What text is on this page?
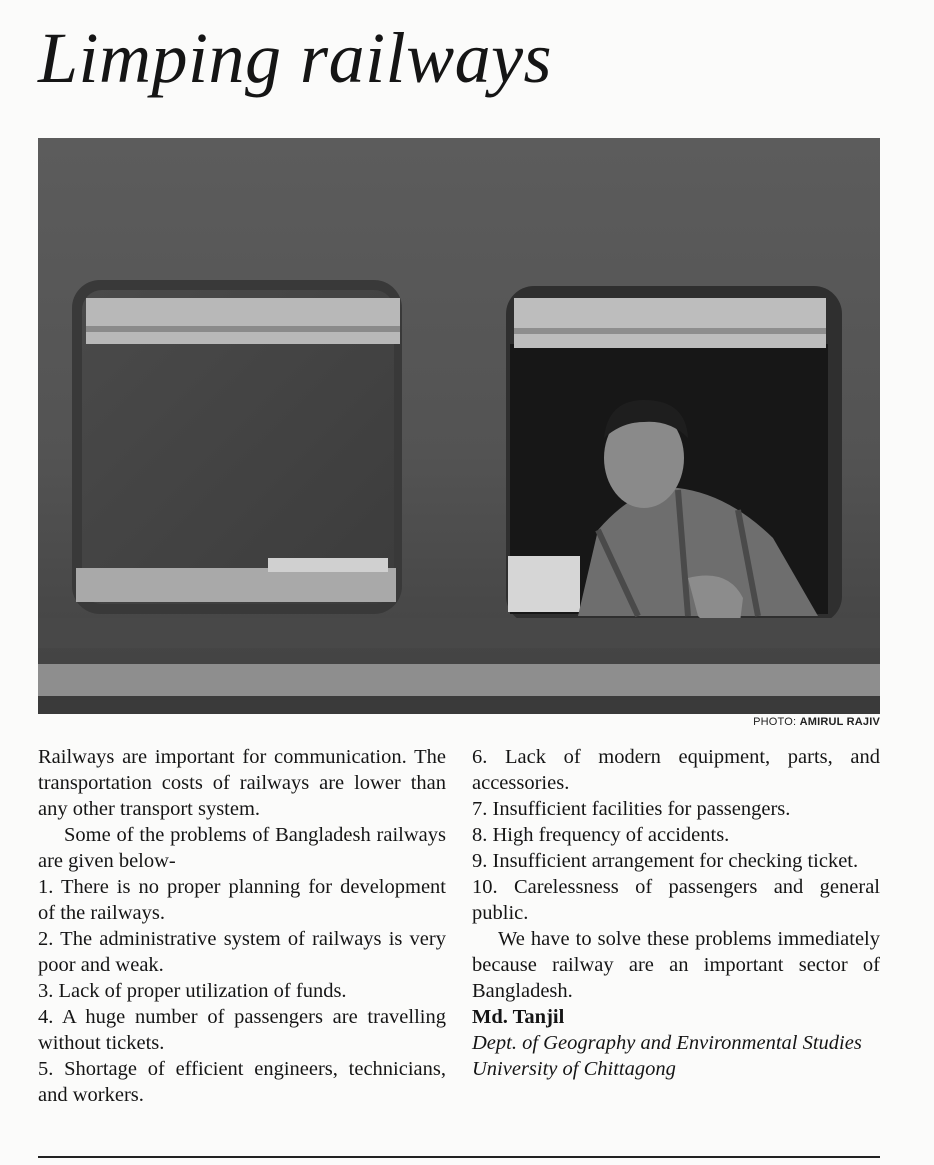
Limping railways
PHOTO: AMIRUL RAJIV

Railways are important for communication. The transportation costs of railways are lower than any other transport system.

Some of the problems of Bangladesh railways are given below-

1. There is no proper planning for development of the railways.

2. The administrative system of railways is very poor and weak.

3. Lack of proper utilization of funds.

4. A huge number of passengers are travelling without tickets.

5. Shortage of efficient engineers, technicians, and workers.

6. Lack of modern equipment, parts, and accessories.

7. Insufficient facilities for passengers.

8. High frequency of accidents.

9. Insufficient arrangement for checking ticket.

10. Carelessness of passengers and general public.

We have to solve these problems immediately because railway are an important sector of Bangladesh.

Md. Tanjil

Dept. of Geography and Environmental Studies

University of Chittagong
